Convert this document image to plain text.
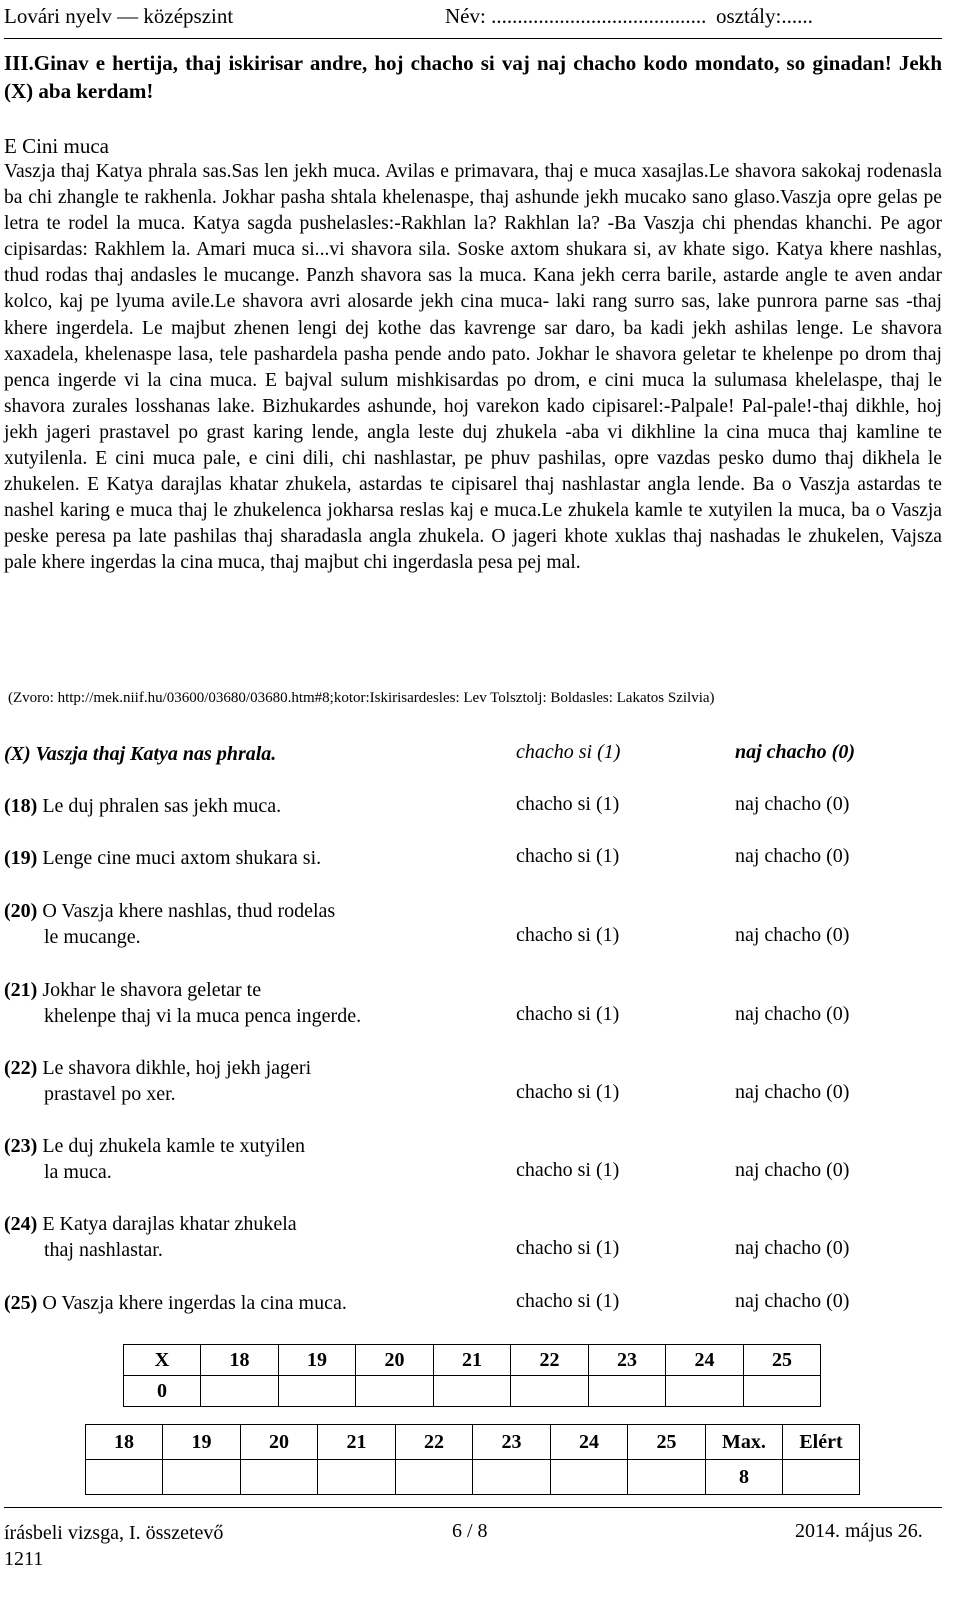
Lovári nyelv — középszint	Név: ......................................... osztály:......
III.Ginav e hertija, thaj iskirisar andre, hoj chacho si vaj naj chacho kodo mondato, so ginadan! Jekh (X) aba kerdam!
E Cini muca
Vaszja thaj Katya phrala sas.Sas len jekh muca. Avilas e primavara, thaj e muca xasajlas.Le shavora sakokaj rodenasla ba chi zhangle te rakhenla. Jokhar pasha shtala khelenaspe, thaj ashunde jekh mucako sano glaso.Vaszja opre gelas pe letra te rodel la muca. Katya sagda pushelasles:-Rakhlan la? Rakhlan la? -Ba Vaszja chi phendas khanchi. Pe agor cipisardas: Rakhlem la. Amari muca si...vi shavora sila. Soske axtom shukara si, av khate sigo. Katya khere nashlas, thud rodas thaj andasles le mucange. Panzh shavora sas la muca. Kana jekh cerra barile, astarde angle te aven andar kolco, kaj pe lyuma avile.Le shavora avri alosarde jekh cina muca- laki rang surro sas, lake punrora parne sas -thaj khere ingerdela. Le majbut zhenen lengi dej kothe das kavrenge sar daro, ba kadi jekh ashilas lenge. Le shavora xaxadela, khelenaspe lasa, tele pashardela pasha pende ando pato. Jokhar le shavora geletar te khelenpe po drom thaj penca ingerde vi la cina muca. E bajval sulum mishkisardas po drom, e cini muca la sulumasa khelelaspe, thaj le shavora zurales losshanas lake. Bizhukardes ashunde, hoj varekon kado cipisarel:-Palpale! Pal-pale!-thaj dikhle, hoj jekh jageri prastavel po grast karing lende, angla leste duj zhukela -aba vi dikhline la cina muca thaj kamline te xutyilenla. E cini muca pale, e cini dili, chi nashlastar, pe phuv pashilas, opre vazdas pesko dumo thaj dikhela le zhukelen. E Katya darajlas khatar zhukela, astardas te cipisarel thaj nashlastar angla lende. Ba o Vaszja astardas te nashel karing e muca thaj le zhukelenca jokharsa reslas kaj e muca.Le zhukela kamle te xutyilen la muca, ba o Vaszja peske peresa pa late pashilas thaj sharadasla angla zhukela. O jageri khote xuklas thaj nashadas le zhukelen, Vajsza pale khere ingerdas la cina muca, thaj majbut chi ingerdasla pesa pej mal.
(Zvoro: http://mek.niif.hu/03600/03680/03680.htm#8;kotor:Iskirisardesles: Lev Tolsztolj: Boldasles: Lakatos Szilvia)
(X) Vaszja thaj Katya nas phrala.	chacho si (1)	naj chacho (0)
(18) Le duj phralen sas jekh muca.	chacho si (1)	naj chacho (0)
(19) Lenge cine muci axtom shukara si.	chacho si (1)	naj chacho (0)
(20) O Vaszja khere nashlas, thud rodelas
le mucange.	chacho si (1)	naj chacho (0)
(21) Jokhar le shavora geletar te
khelenpe thaj vi la muca penca ingerde.	chacho si (1)	naj chacho (0)
(22) Le shavora dikhle, hoj jekh jageri
prastavel po xer.	chacho si (1)	naj chacho (0)
(23) Le duj zhukela kamle te xutyilen
la muca.	chacho si (1)	naj chacho (0)
(24) E Katya darajlas khatar zhukela
thaj nashlastar.	chacho si (1)	naj chacho (0)
(25) O Vaszja khere ingerdas la cina muca.	chacho si (1)	naj chacho (0)
X	18	19	20	21	22	23	24	25
0								
18	19	20	21	22	23	24	25	Max.	Elért
								8	
írásbeli vizsga, I. összetevő
1211
6 / 8	2014. május 26.
